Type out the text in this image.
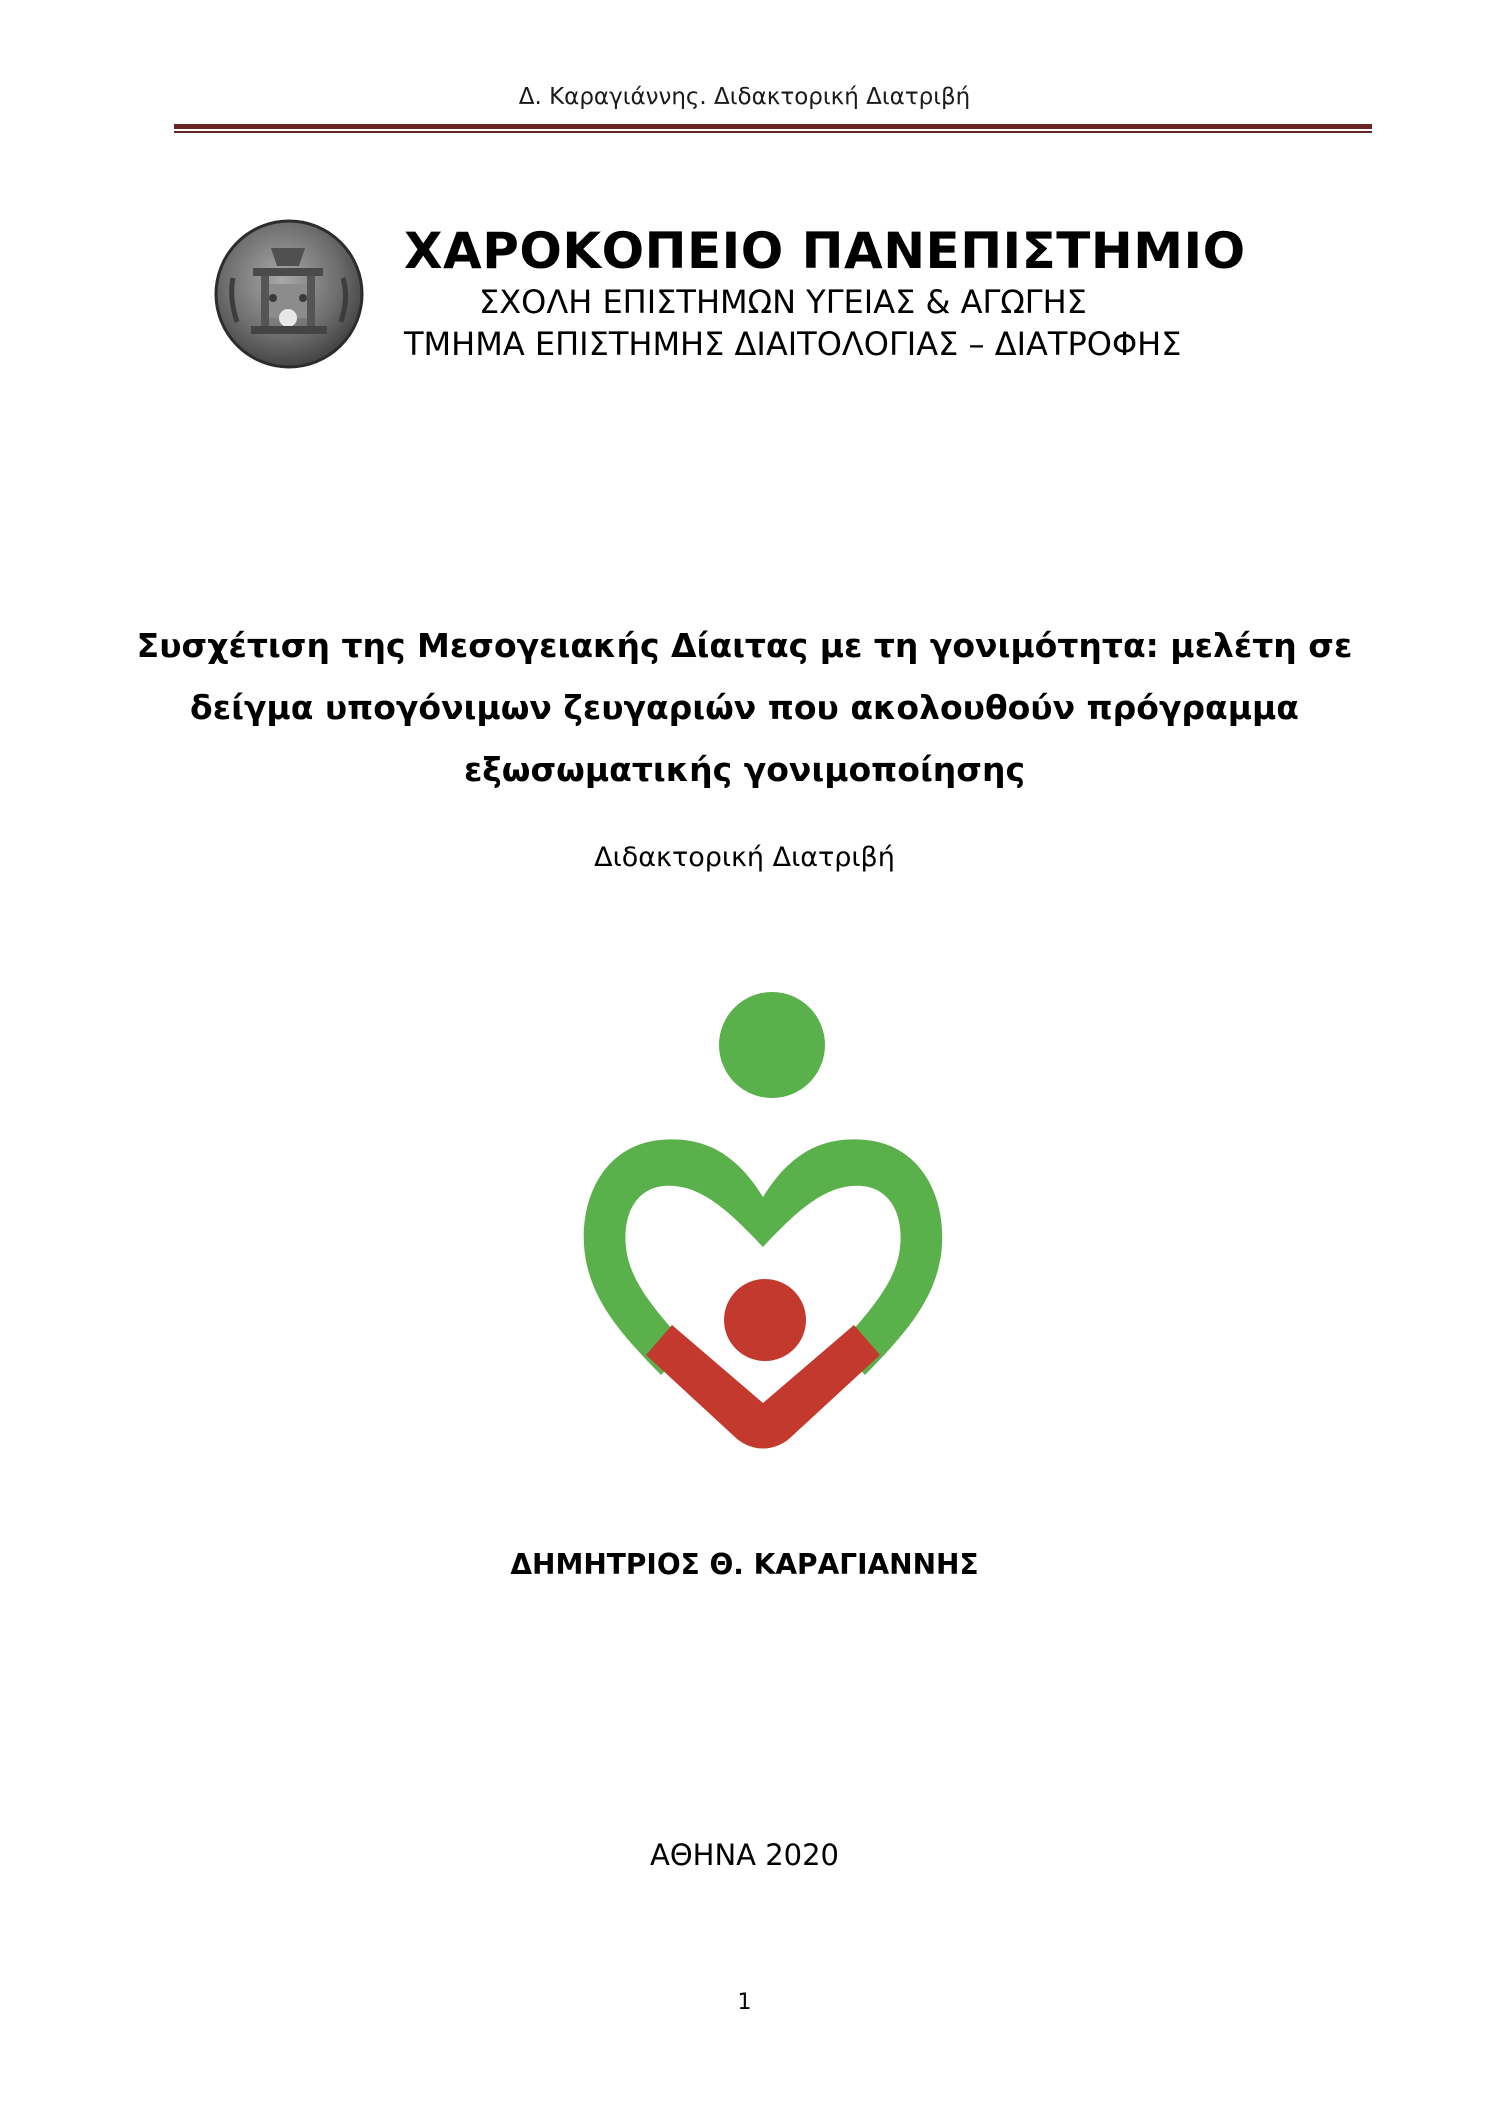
Δ. Καραγιάννης. Διδακτορική Διατριβή
ΧΑΡΟΚΟΠΕΙΟ ΠΑΝΕΠΙΣΤΗΜΙΟ
ΣΧΟΛΗ ΕΠΙΣΤΗΜΩΝ ΥΓΕΙΑΣ & ΑΓΩΓΗΣ
ΤΜΗΜΑ ΕΠΙΣΤΗΜΗΣ ΔΙΑΙΤΟΛΟΓΙΑΣ – ΔΙΑΤΡΟΦΗΣ
Συσχέτιση της Μεσογειακής Δίαιτας με τη γονιμότητα: μελέτη σε
δείγμα υπογόνιμων ζευγαριών που ακολουθούν πρόγραμμα
εξωσωματικής γονιμοποίησης
Διδακτορική Διατριβή
ΔΗΜΗΤΡΙΟΣ Θ. ΚΑΡΑΓΙΑΝΝΗΣ
ΑΘΗΝΑ 2020
1
